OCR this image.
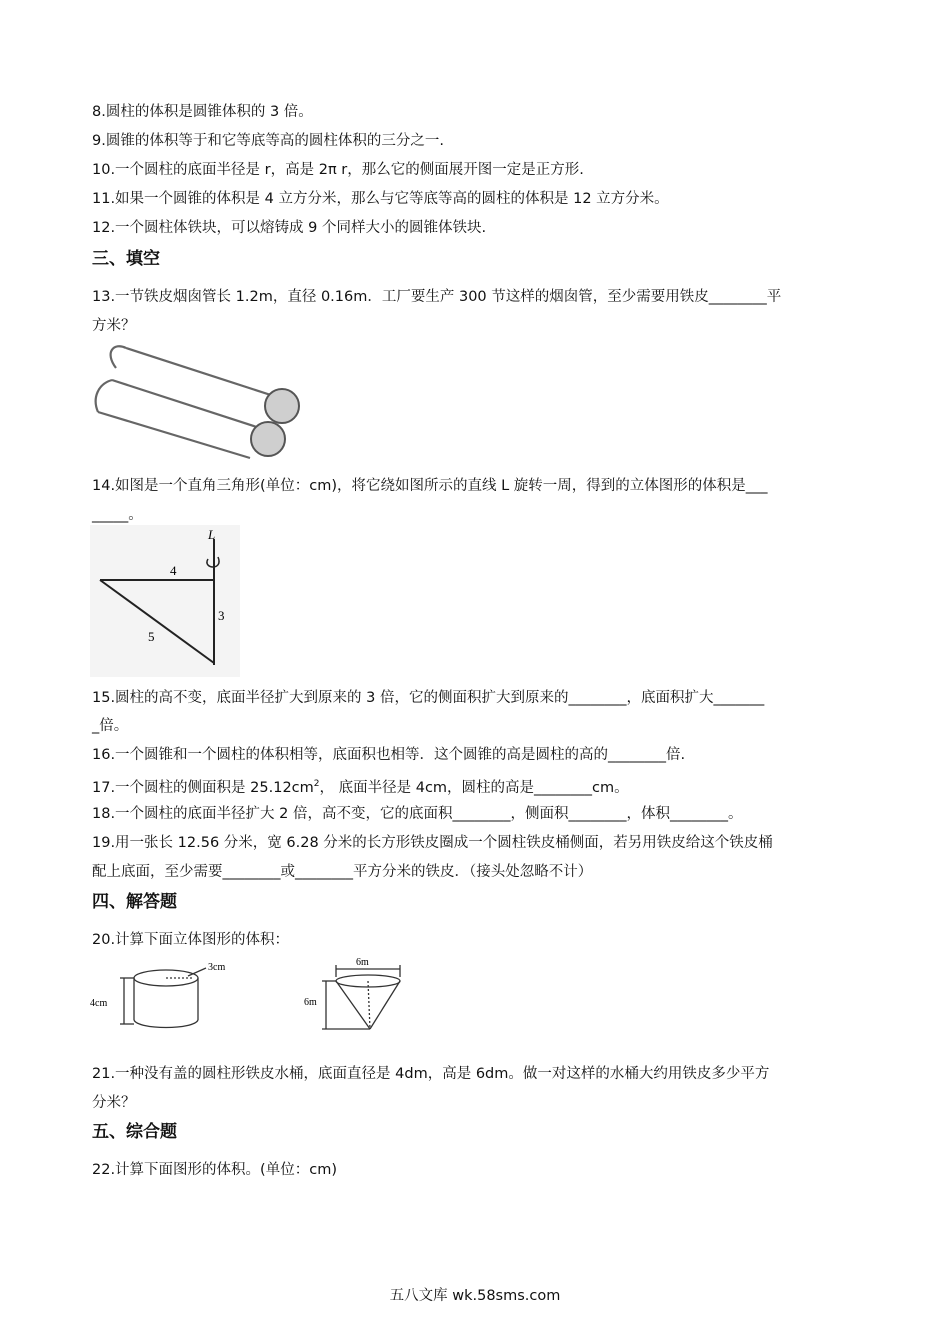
8.圆柱的体积是圆锥体积的 3 倍。
9.圆锥的体积等于和它等底等高的圆柱体积的三分之一.
10.一个圆柱的底面半径是 r，高是 2π r，那么它的侧面展开图一定是正方形.
11.如果一个圆锥的体积是 4 立方分米，那么与它等底等高的圆柱的体积是 12 立方分米。
12.一个圆柱体铁块，可以熔铸成 9 个同样大小的圆锥体铁块.
三、填空
13.一节铁皮烟囱管长 1.2m，直径 0.16m．工厂要生产 300 节这样的烟囱管，至少需要用铁皮________平
方米？
14.如图是一个直角三角形(单位：cm)，将它绕如图所示的直线 L 旋转一周，得到的立体图形的体积是___
_____。
L
4
3
5
15.圆柱的高不变，底面半径扩大到原来的 3 倍，它的侧面积扩大到原来的________，底面积扩大_______
_倍。
16.一个圆锥和一个圆柱的体积相等，底面积也相等．这个圆锥的高是圆柱的高的________倍.
17.一个圆柱的侧面积是 $25.12cm^2$， 底面半径是 4cm，圆柱的高是________cm。
18.一个圆柱的底面半径扩大 2 倍，高不变，它的底面积________，侧面积________，体积________。
19.用一张长 12.56 分米，宽 6.28 分米的长方形铁皮圈成一个圆柱铁皮桶侧面，若另用铁皮给这个铁皮桶
配上底面，至少需要________或________平方分米的铁皮．（接头处忽略不计）
四、解答题
20.计算下面立体图形的体积：
3cm
4cm
6m
6m
21.一种没有盖的圆柱形铁皮水桶，底面直径是 4dm，高是 6dm。做一对这样的水桶大约用铁皮多少平方
分米？
五、综合题
22.计算下面图形的体积。(单位：cm)
五八文库 wk.58sms.com
